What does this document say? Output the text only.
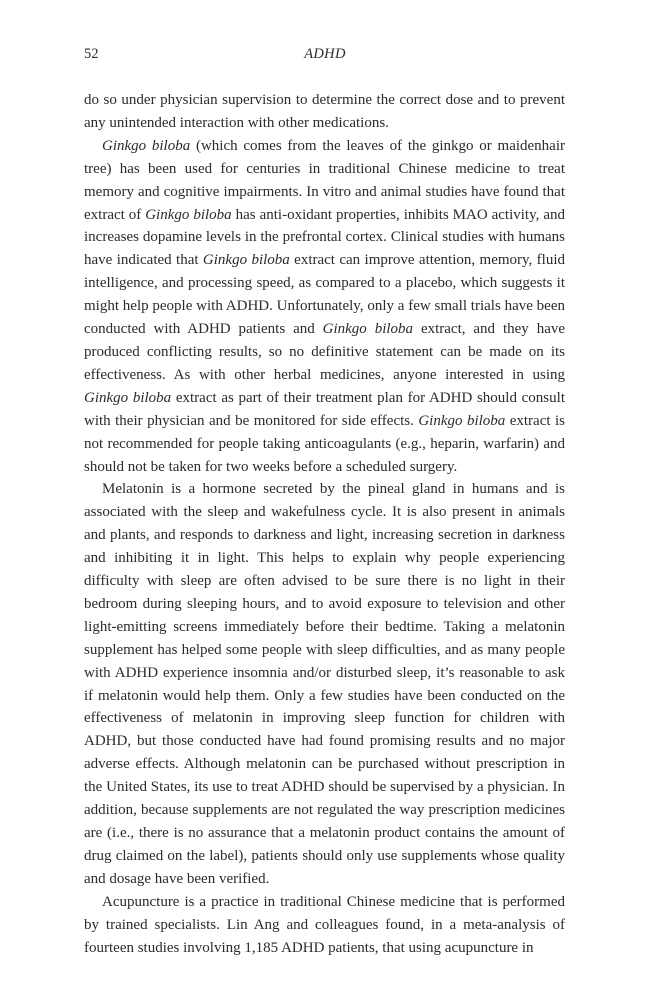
52	ADHD

do so under physician supervision to determine the correct dose and to prevent any unintended interaction with other medications.

Ginkgo biloba (which comes from the leaves of the ginkgo or maidenhair tree) has been used for centuries in traditional Chinese medicine to treat memory and cognitive impairments. In vitro and animal studies have found that extract of Ginkgo biloba has anti-oxidant properties, inhibits MAO activity, and increases dopamine levels in the prefrontal cortex. Clinical studies with humans have indicated that Ginkgo biloba extract can improve attention, memory, fluid intelligence, and processing speed, as compared to a placebo, which suggests it might help people with ADHD. Unfortunately, only a few small trials have been conducted with ADHD patients and Ginkgo biloba extract, and they have produced conflicting results, so no definitive statement can be made on its effectiveness. As with other herbal medicines, anyone interested in using Ginkgo biloba extract as part of their treatment plan for ADHD should consult with their physician and be monitored for side effects. Ginkgo biloba extract is not recommended for people taking anticoagulants (e.g., heparin, warfarin) and should not be taken for two weeks before a scheduled surgery.

Melatonin is a hormone secreted by the pineal gland in humans and is associated with the sleep and wakefulness cycle. It is also present in animals and plants, and responds to darkness and light, increasing secretion in darkness and inhibiting it in light. This helps to explain why people experiencing difficulty with sleep are often advised to be sure there is no light in their bedroom during sleeping hours, and to avoid exposure to television and other light-emitting screens immediately before their bedtime. Taking a melatonin supplement has helped some people with sleep difficulties, and as many people with ADHD experience insomnia and/or disturbed sleep, it’s reasonable to ask if melatonin would help them. Only a few studies have been conducted on the effectiveness of melatonin in improving sleep function for children with ADHD, but those conducted have had found promising results and no major adverse effects. Although melatonin can be purchased without prescription in the United States, its use to treat ADHD should be supervised by a physician. In addition, because supplements are not regulated the way prescription medicines are (i.e., there is no assurance that a melatonin product contains the amount of drug claimed on the label), patients should only use supplements whose quality and dosage have been verified.

Acupuncture is a practice in traditional Chinese medicine that is performed by trained specialists. Lin Ang and colleagues found, in a meta-analysis of fourteen studies involving 1,185 ADHD patients, that using acupuncture in
